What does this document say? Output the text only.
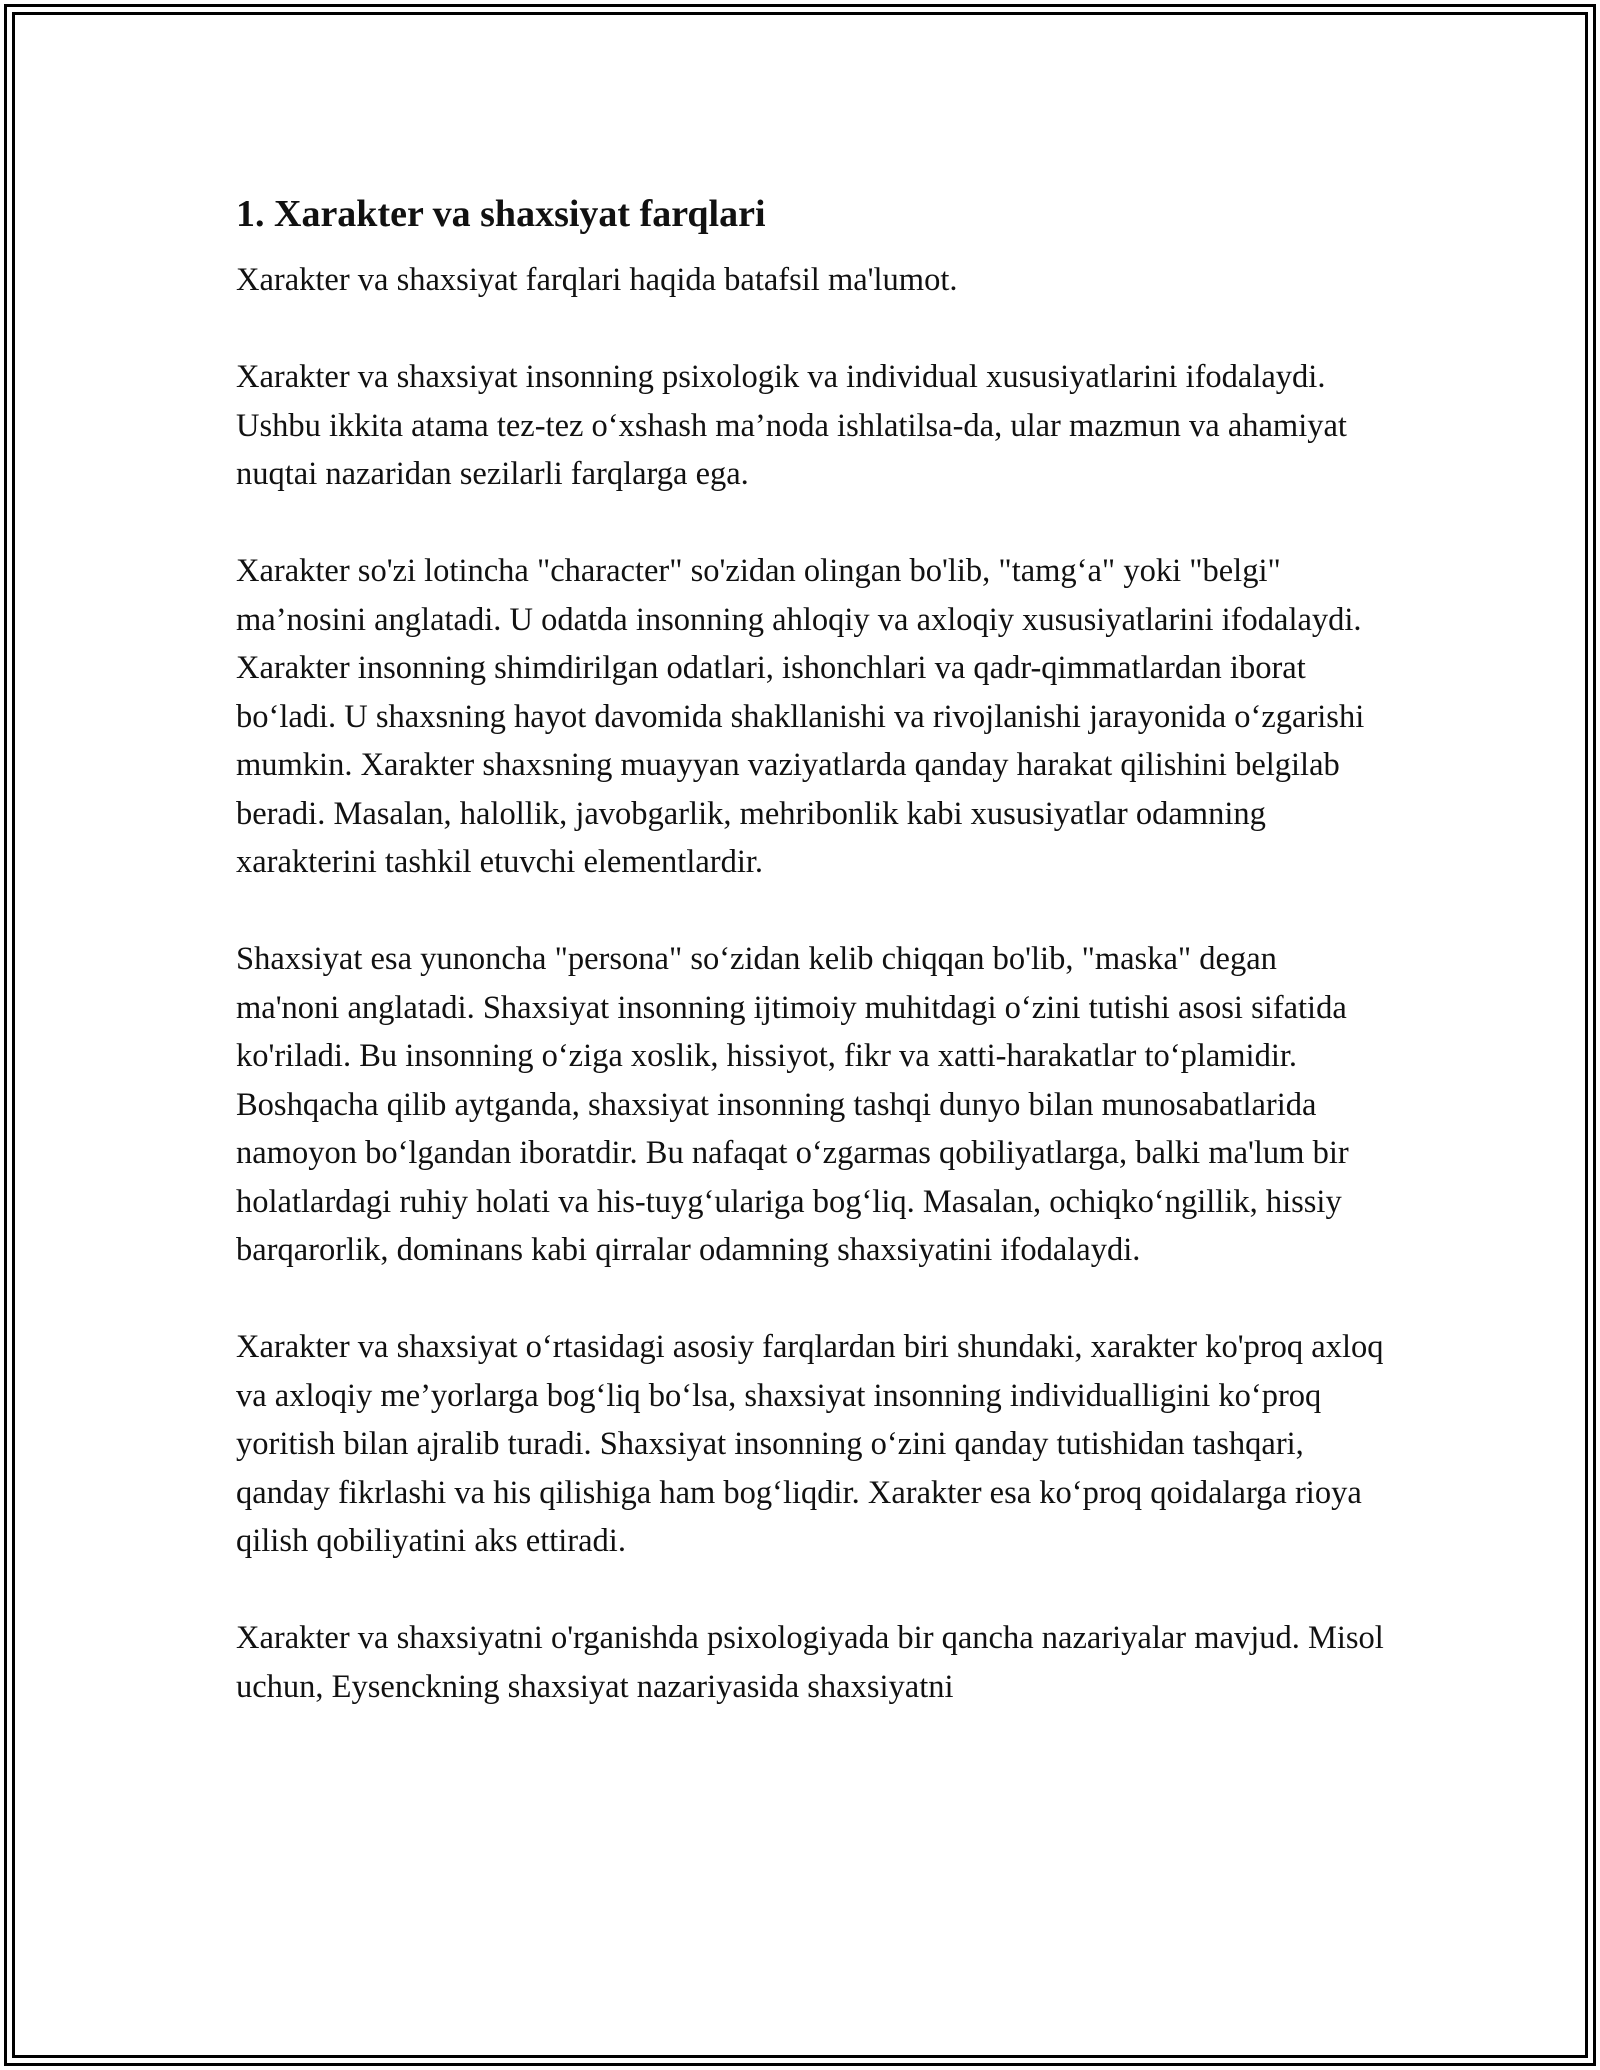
1. Xarakter va shaxsiyat farqlari

Xarakter va shaxsiyat farqlari haqida batafsil ma'lumot.

Xarakter va shaxsiyat insonning psixologik va individual xususiyatlarini ifodalaydi. Ushbu ikkita atama tez-tez o‘xshash ma’noda ishlatilsa-da, ular mazmun va ahamiyat nuqtai nazaridan sezilarli farqlarga ega.

Xarakter so'zi lotincha "character" so'zidan olingan bo'lib, "tamg‘a" yoki "belgi" ma’nosini anglatadi. U odatda insonning ahloqiy va axloqiy xususiyatlarini ifodalaydi. Xarakter insonning shimdirilgan odatlari, ishonchlari va qadr-qimmatlardan iborat bo‘ladi. U shaxsning hayot davomida shakllanishi va rivojlanishi jarayonida o‘zgarishi mumkin. Xarakter shaxsning muayyan vaziyatlarda qanday harakat qilishini belgilab beradi. Masalan, halollik, javobgarlik, mehribonlik kabi xususiyatlar odamning xarakterini tashkil etuvchi elementlardir.

Shaxsiyat esa yunoncha "persona" so‘zidan kelib chiqqan bo'lib, "maska" degan ma'noni anglatadi. Shaxsiyat insonning ijtimoiy muhitdagi o‘zini tutishi asosi sifatida ko'riladi. Bu insonning o‘ziga xoslik, hissiyot, fikr va xatti-harakatlar to‘plamidir. Boshqacha qilib aytganda, shaxsiyat insonning tashqi dunyo bilan munosabatlarida namoyon bo‘lgandan iboratdir. Bu nafaqat o‘zgarmas qobiliyatlarga, balki ma'lum bir holatlardagi ruhiy holati va his-tuyg‘ulariga bog‘liq. Masalan, ochiqko‘ngillik, hissiy barqarorlik, dominans kabi qirralar odamning shaxsiyatini ifodalaydi.

Xarakter va shaxsiyat o‘rtasidagi asosiy farqlardan biri shundaki, xarakter ko'proq axloq va axloqiy me’yorlarga bog‘liq bo‘lsa, shaxsiyat insonning individualligini ko‘proq yoritish bilan ajralib turadi. Shaxsiyat insonning o‘zini qanday tutishidan tashqari, qanday fikrlashi va his qilishiga ham bog‘liqdir. Xarakter esa ko‘proq qoidalarga rioya qilish qobiliyatini aks ettiradi.

Xarakter va shaxsiyatni o'rganishda psixologiyada bir qancha nazariyalar mavjud. Misol uchun, Eysenckning shaxsiyat nazariyasida shaxsiyatni
